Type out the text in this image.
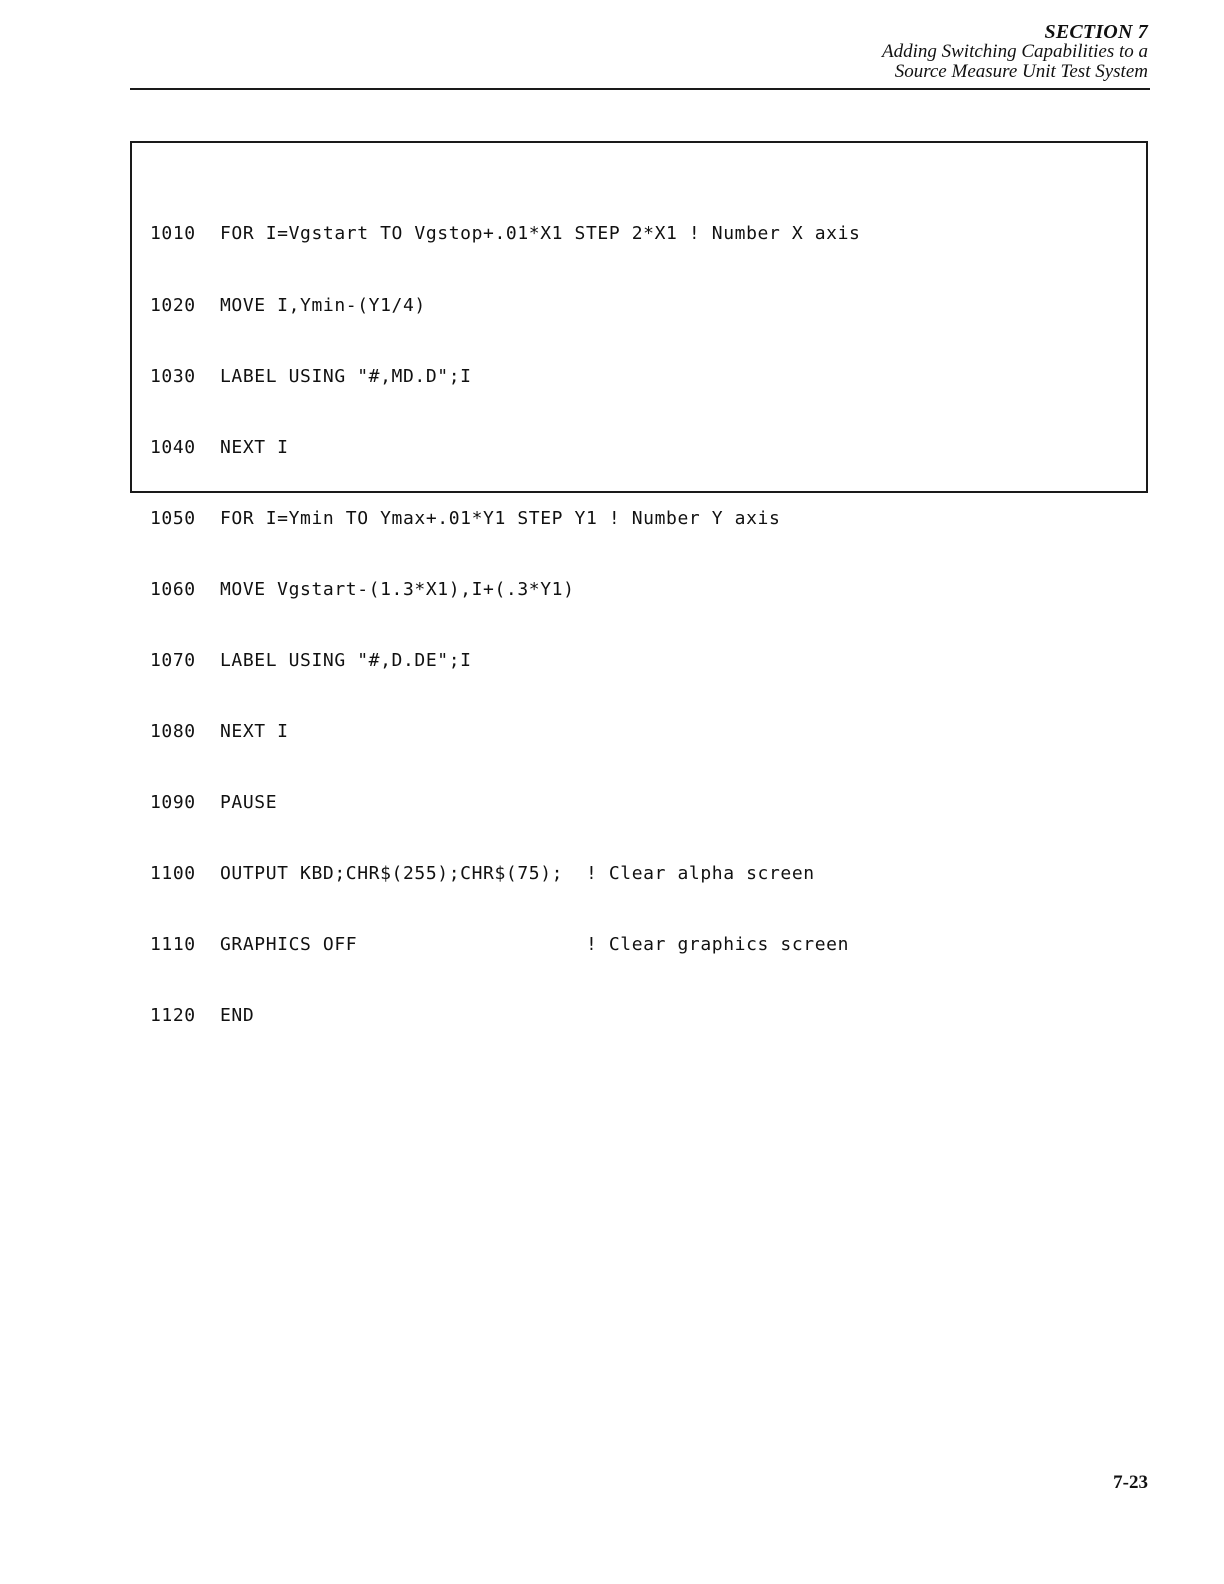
SECTION 7
Adding Switching Capabilities to a
Source Measure Unit Test System

1010 FOR I=Vgstart TO Vgstop+.01*X1 STEP 2*X1 ! Number X axis

1020 MOVE I,Ymin-(Y1/4)

1030 LABEL USING "#,MD.D";I

1040 NEXT I

1050 FOR I=Ymin TO Ymax+.01*Y1 STEP Y1 ! Number Y axis

1060 MOVE Vgstart-(1.3*X1),I+(.3*Y1)

1070 LABEL USING "#,D.DE";I

1080 NEXT I

1090 PAUSE

1100 OUTPUT KBD;CHR$(255);CHR$(75); ! Clear alpha screen

1110 GRAPHICS OFF	! Clear graphics screen

1120 END

7-23
